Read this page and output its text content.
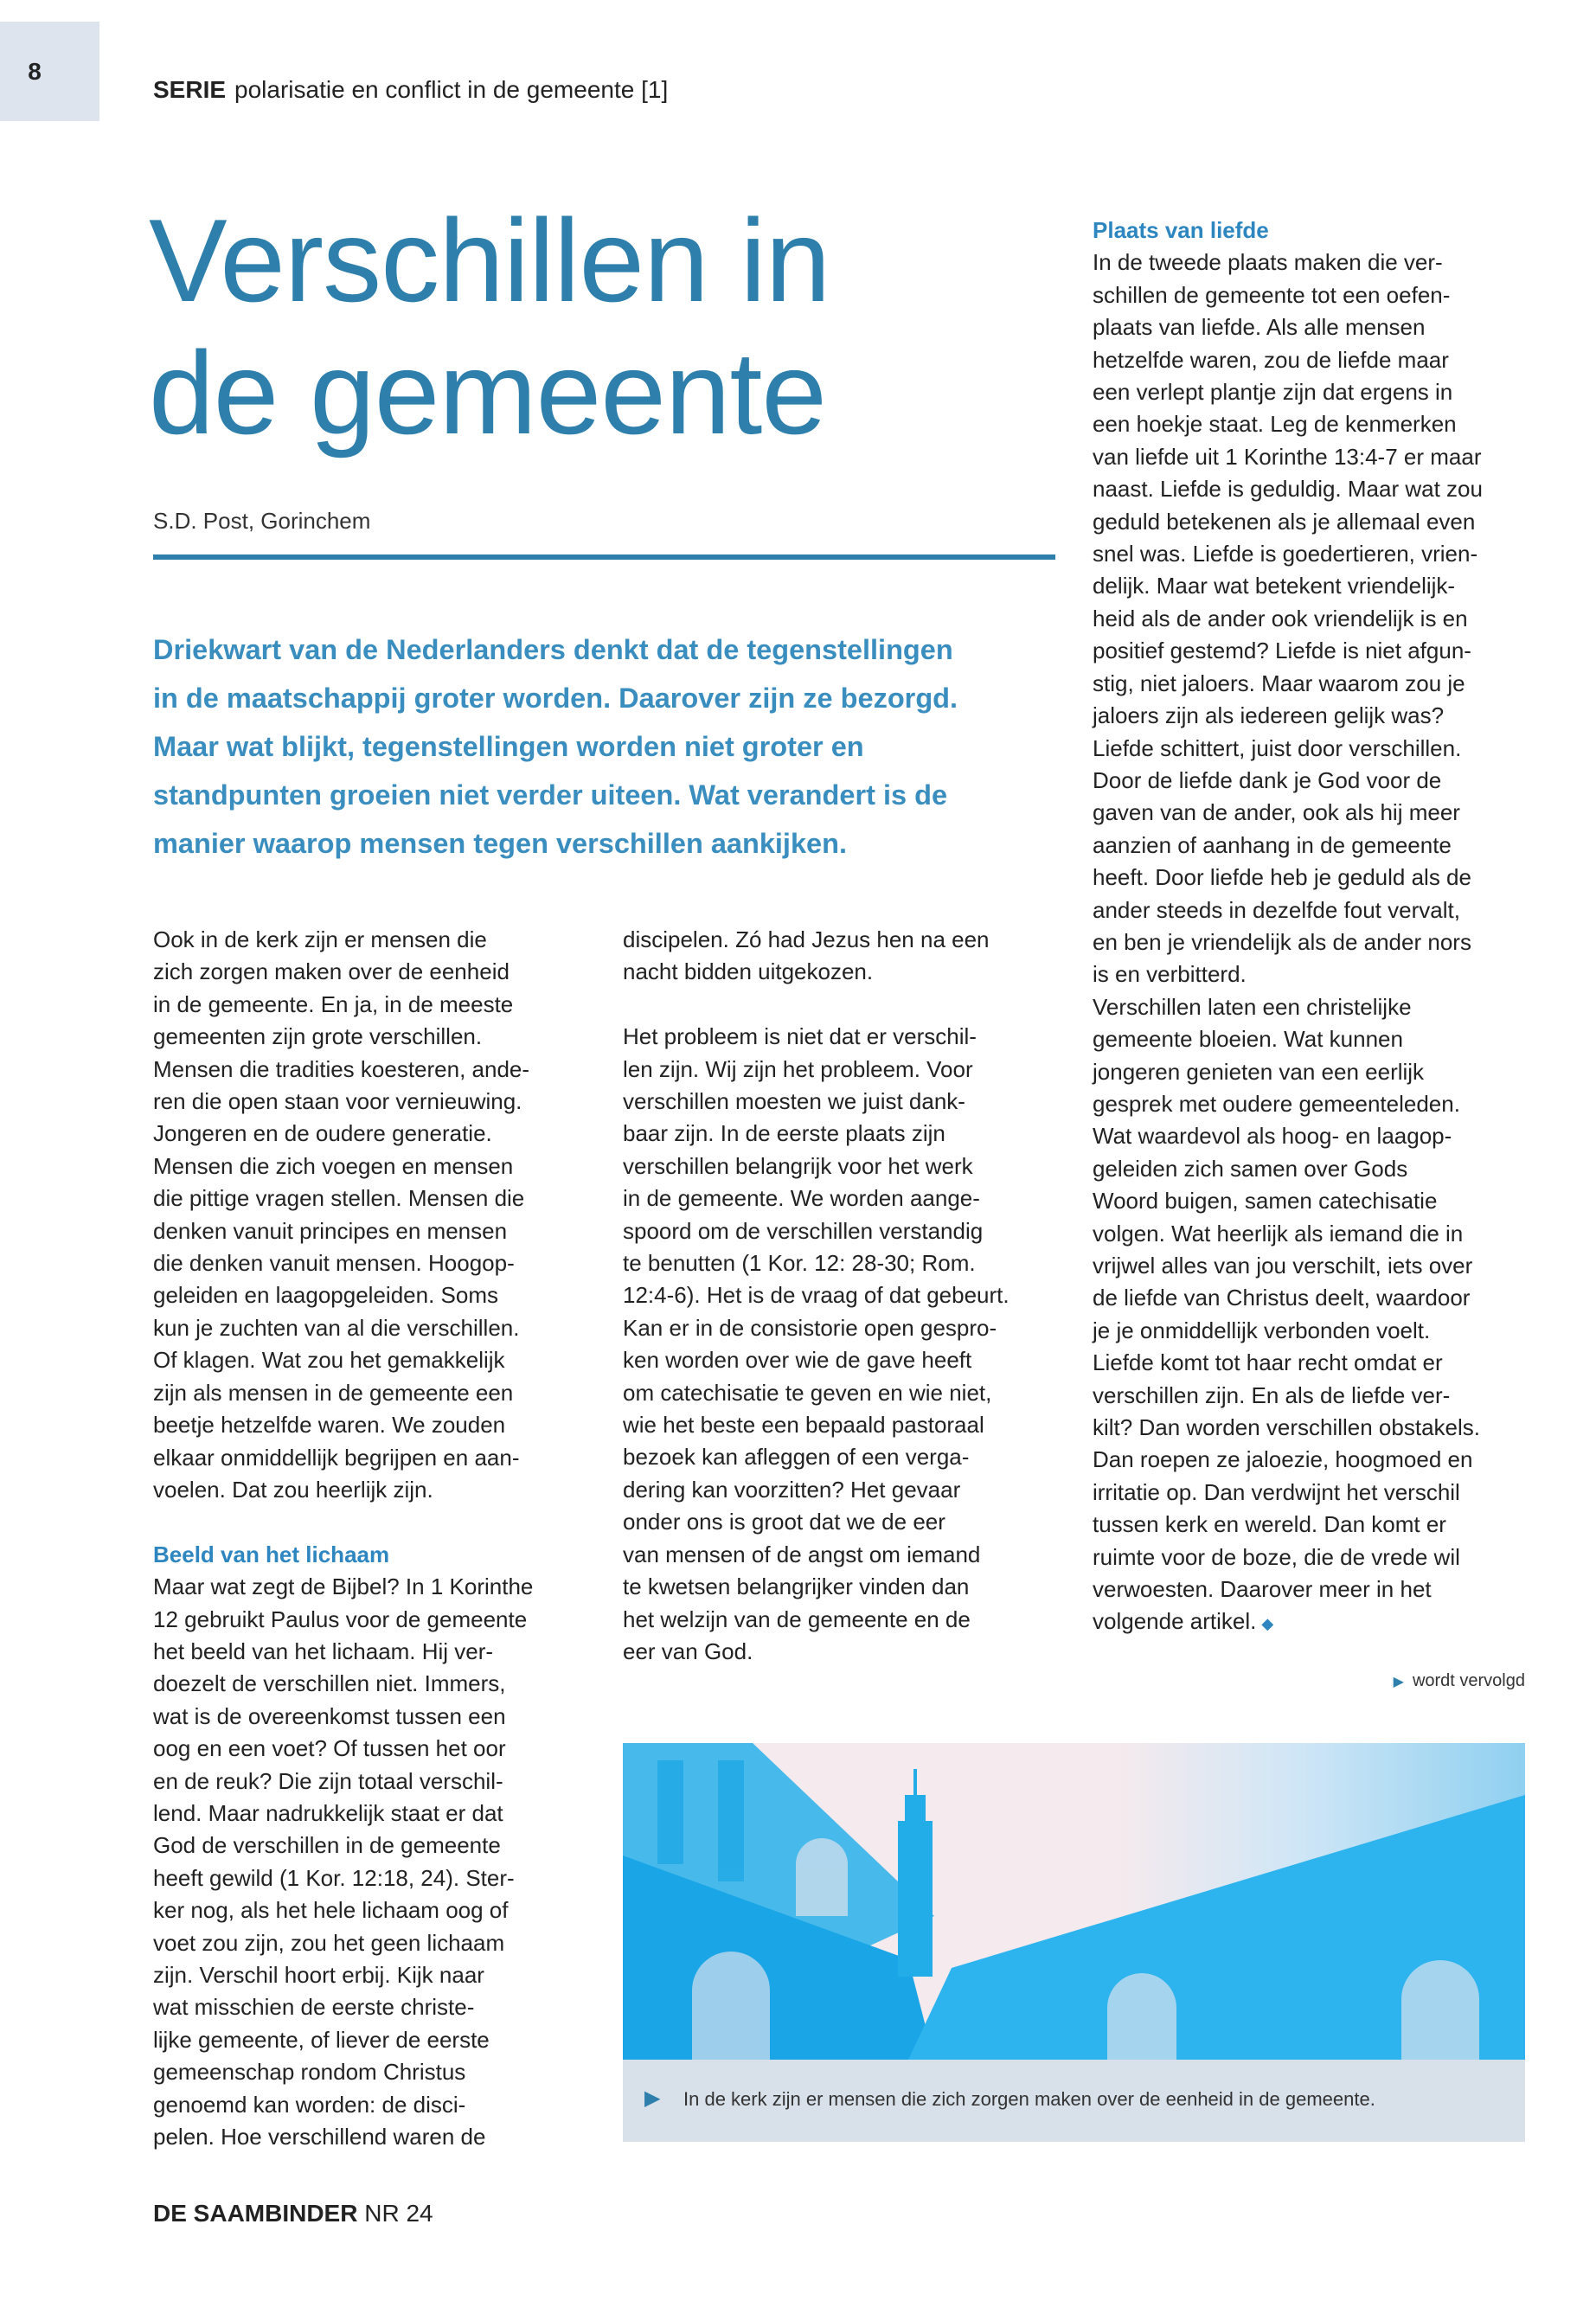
8
SERIE polarisatie en conflict in de gemeente [1]
Verschillen in
de gemeente
S.D. Post, Gorinchem
Driekwart van de Nederlanders denkt dat de tegenstellingen
in de maatschappij groter worden. Daarover zijn ze bezorgd.
Maar wat blijkt, tegenstellingen worden niet groter en
standpunten groeien niet verder uiteen. Wat verandert is de
manier waarop mensen tegen verschillen aankijken.
Ook in de kerk zijn er mensen die
zich zorgen maken over de eenheid
in de gemeente. En ja, in de meeste
gemeenten zijn grote verschillen.
Mensen die tradities koesteren, ande-
ren die open staan voor vernieuwing.
Jongeren en de oudere generatie.
Mensen die zich voegen en mensen
die pittige vragen stellen. Mensen die
denken vanuit principes en mensen
die denken vanuit mensen. Hoogop-
geleiden en laagopgeleiden. Soms
kun je zuchten van al die verschillen.
Of klagen. Wat zou het gemakkelijk
zijn als mensen in de gemeente een
beetje hetzelfde waren. We zouden
elkaar onmiddellijk begrijpen en aan-
voelen. Dat zou heerlijk zijn.
Beeld van het lichaam
Maar wat zegt de Bijbel? In 1 Korinthe
12 gebruikt Paulus voor de gemeente
het beeld van het lichaam. Hij ver-
doezelt de verschillen niet. Immers,
wat is de overeenkomst tussen een
oog en een voet? Of tussen het oor
en de reuk? Die zijn totaal verschil-
lend. Maar nadrukkelijk staat er dat
God de verschillen in de gemeente
heeft gewild (1 Kor. 12:18, 24). Ster-
ker nog, als het hele lichaam oog of
voet zou zijn, zou het geen lichaam
zijn. Verschil hoort erbij. Kijk naar
wat misschien de eerste christe-
lijke gemeente, of liever de eerste
gemeenschap rondom Christus
genoemd kan worden: de disci-
pelen. Hoe verschillend waren de
discipelen. Zó had Jezus hen na een
nacht bidden uitgekozen.
Het probleem is niet dat er verschil-
len zijn. Wij zijn het probleem. Voor
verschillen moesten we juist dank-
baar zijn. In de eerste plaats zijn
verschillen belangrijk voor het werk
in de gemeente. We worden aange-
spoord om de verschillen verstandig
te benutten (1 Kor. 12: 28-30; Rom.
12:4-6). Het is de vraag of dat gebeurt.
Kan er in de consistorie open gespro-
ken worden over wie de gave heeft
om catechisatie te geven en wie niet,
wie het beste een bepaald pastoraal
bezoek kan afleggen of een verga-
dering kan voorzitten? Het gevaar
onder ons is groot dat we de eer
van mensen of de angst om iemand
te kwetsen belangrijker vinden dan
het welzijn van de gemeente en de
eer van God.
Plaats van liefde
In de tweede plaats maken die ver-
schillen de gemeente tot een oefen-
plaats van liefde. Als alle mensen
hetzelfde waren, zou de liefde maar
een verlept plantje zijn dat ergens in
een hoekje staat. Leg de kenmerken
van liefde uit 1 Korinthe 13:4-7 er maar
naast. Liefde is geduldig. Maar wat zou
geduld betekenen als je allemaal even
snel was. Liefde is goedertieren, vrien-
delijk. Maar wat betekent vriendelijk-
heid als de ander ook vriendelijk is en
positief gestemd? Liefde is niet afgun-
stig, niet jaloers. Maar waarom zou je
jaloers zijn als iedereen gelijk was?
Liefde schittert, juist door verschillen.
Door de liefde dank je God voor de
gaven van de ander, ook als hij meer
aanzien of aanhang in de gemeente
heeft. Door liefde heb je geduld als de
ander steeds in dezelfde fout vervalt,
en ben je vriendelijk als de ander nors
is en verbitterd.
Verschillen laten een christelijke
gemeente bloeien. Wat kunnen
jongeren genieten van een eerlijk
gesprek met oudere gemeenteleden.
Wat waardevol als hoog- en laagop-
geleiden zich samen over Gods
Woord buigen, samen catechisatie
volgen. Wat heerlijk als iemand die in
vrijwel alles van jou verschilt, iets over
de liefde van Christus deelt, waardoor
je je onmiddellijk verbonden voelt.
Liefde komt tot haar recht omdat er
verschillen zijn. En als de liefde ver-
kilt? Dan worden verschillen obstakels.
Dan roepen ze jaloezie, hoogmoed en
irritatie op. Dan verdwijnt het verschil
tussen kerk en wereld. Dan komt er
ruimte voor de boze, die de vrede wil
verwoesten. Daarover meer in het
volgende artikel. ◆
▶ wordt vervolgd
▶ In de kerk zijn er mensen die zich zorgen maken over de eenheid in de gemeente.
DE SAAMBINDER NR 24
